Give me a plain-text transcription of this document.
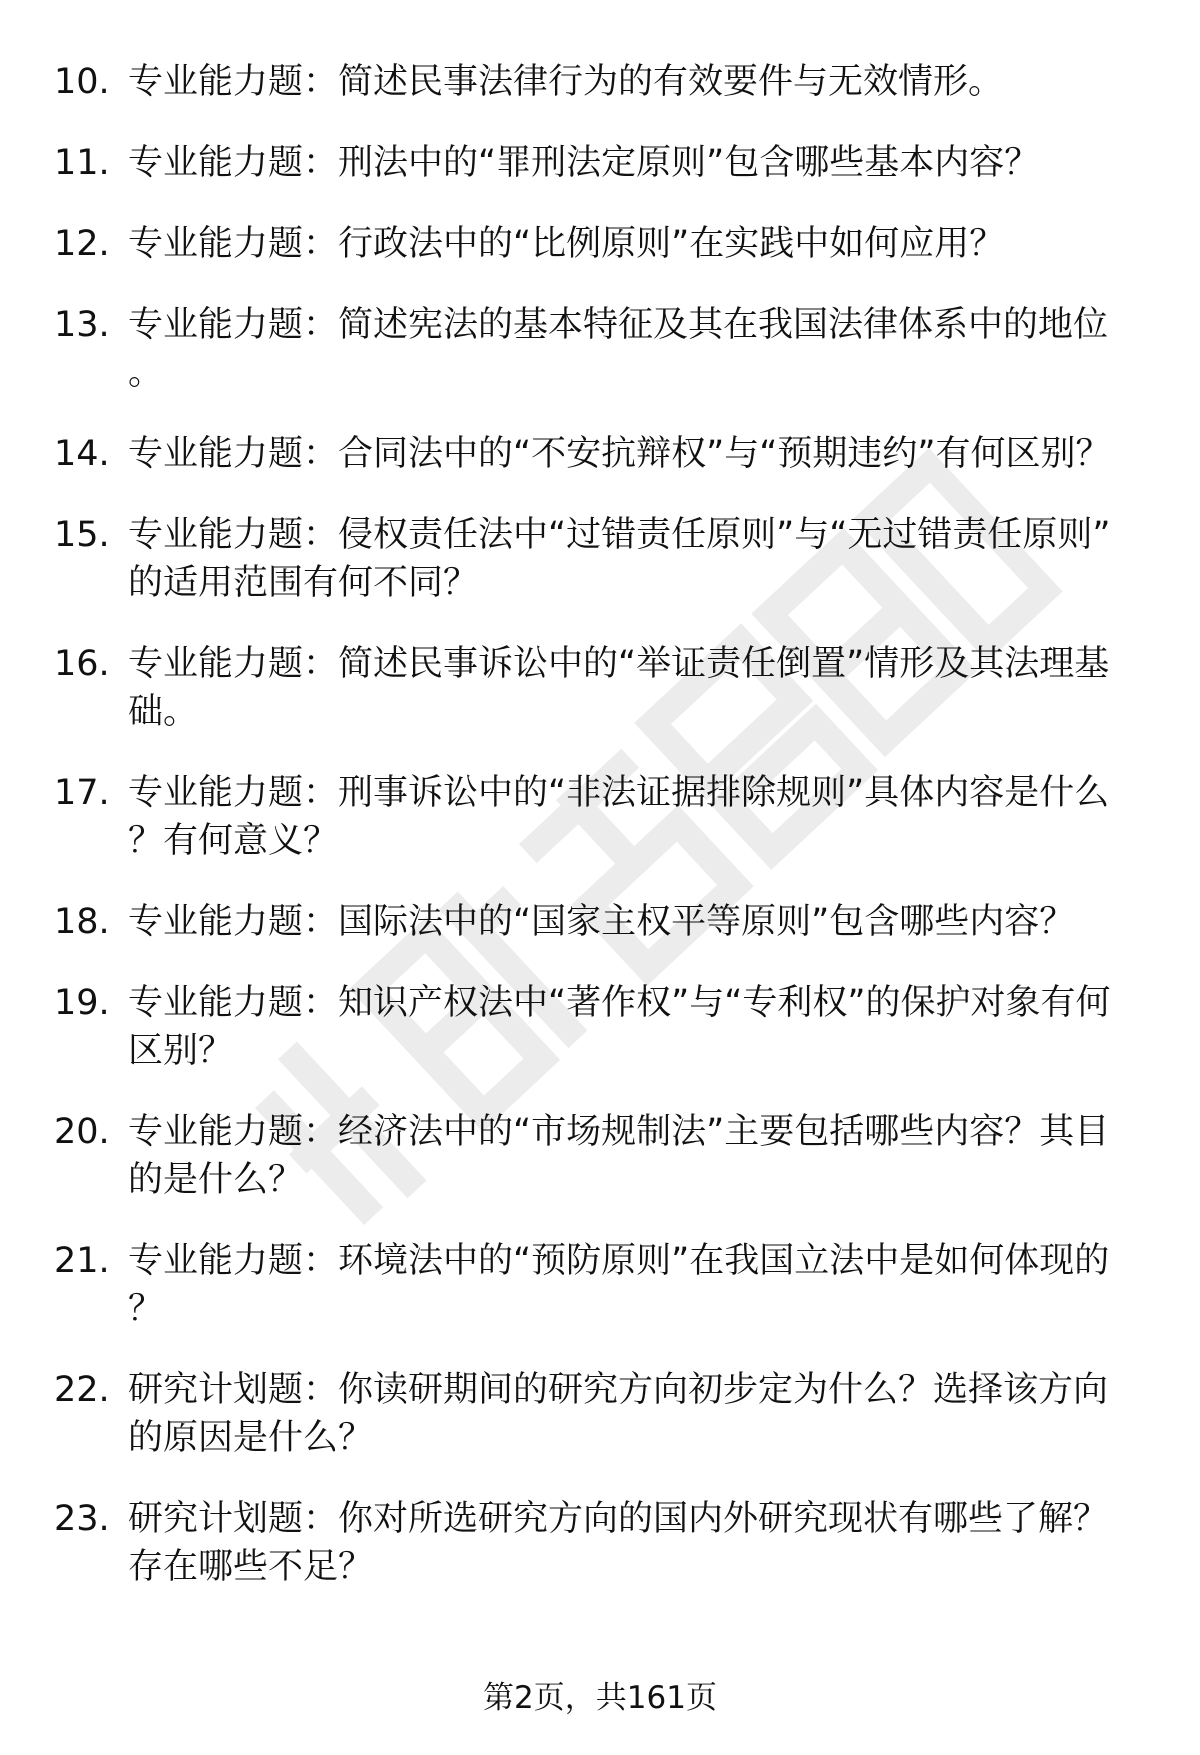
10. 专业能力题：简述民事法律行为的有效要件与无效情形。
11. 专业能力题：刑法中的“罪刑法定原则”包含哪些基本内容？
12. 专业能力题：行政法中的“比例原则”在实践中如何应用？
13. 专业能力题：简述宪法的基本特征及其在我国法律体系中的地位。
14. 专业能力题：合同法中的“不安抗辩权”与“预期违约”有何区别？
15. 专业能力题：侵权责任法中“过错责任原则”与“无过错责任原则”的适用范围有何不同？
16. 专业能力题：简述民事诉讼中的“举证责任倒置”情形及其法理基础。
17. 专业能力题：刑事诉讼中的“非法证据排除规则”具体内容是什么？有何意义？
18. 专业能力题：国际法中的“国家主权平等原则”包含哪些内容？
19. 专业能力题：知识产权法中“著作权”与“专利权”的保护对象有何区别？
20. 专业能力题：经济法中的“市场规制法”主要包括哪些内容？其目的是什么？
21. 专业能力题：环境法中的“预防原则”在我国立法中是如何体现的？
22. 研究计划题：你读研期间的研究方向初步定为什么？选择该方向的原因是什么？
23. 研究计划题：你对所选研究方向的国内外研究现状有哪些了解？存在哪些不足？
第2页，共161页
